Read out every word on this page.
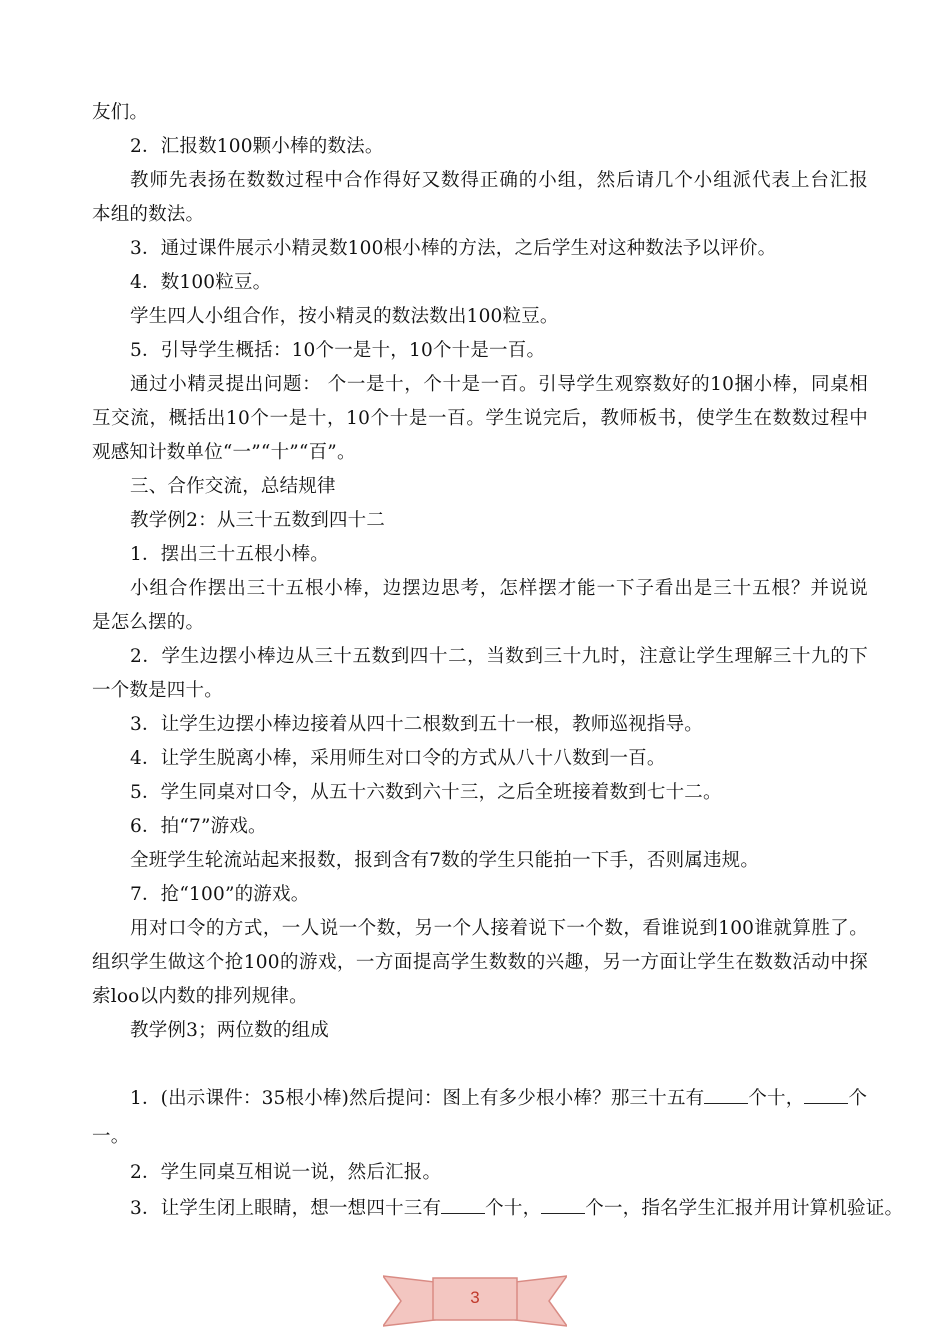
友们。
2．汇报数100颗小棒的数法。
教师先表扬在数数过程中合作得好又数得正确的小组，然后请几个小组派代表上台汇报
本组的数法。
3．通过课件展示小精灵数100根小棒的方法，之后学生对这种数法予以评价。
4．数100粒豆。
学生四人小组合作，按小精灵的数法数出100粒豆。
5．引导学生概括：10个一是十，10个十是一百。
通过小精灵提出问题： 个一是十，个十是一百。引导学生观察数好的10捆小棒，同桌相
互交流，概括出10个一是十，10个十是一百。学生说完后，教师板书，使学生在数数过程中
观感知计数单位“一”“十”“百”。
三、合作交流，总结规律
教学例2：从三十五数到四十二
1．摆出三十五根小棒。
小组合作摆出三十五根小棒，边摆边思考，怎样摆才能一下子看出是三十五根？并说说
是怎么摆的。
2．学生边摆小棒边从三十五数到四十二，当数到三十九时，注意让学生理解三十九的下
一个数是四十。
3．让学生边摆小棒边接着从四十二根数到五十一根，教师巡视指导。
4．让学生脱离小棒，采用师生对口令的方式从八十八数到一百。
5．学生同桌对口令，从五十六数到六十三，之后全班接着数到七十二。
6．拍“7”游戏。
全班学生轮流站起来报数，报到含有7数的学生只能拍一下手，否则属违规。
7．抢“100”的游戏。
用对口令的方式，一人说一个数，另一个人接着说下一个数，看谁说到100谁就算胜了。
组织学生做这个抢100的游戏，一方面提高学生数数的兴趣，另一方面让学生在数数活动中探
索loo以内数的排列规律。
教学例3；两位数的组成
1．(出示课件：35根小棒)然后提问：图上有多少根小棒？那三十五有 个十， 个
一。
2．学生同桌互相说一说，然后汇报。
3．让学生闭上眼睛，想一想四十三有 个十， 个一，指名学生汇报并用计算机验证。
3
